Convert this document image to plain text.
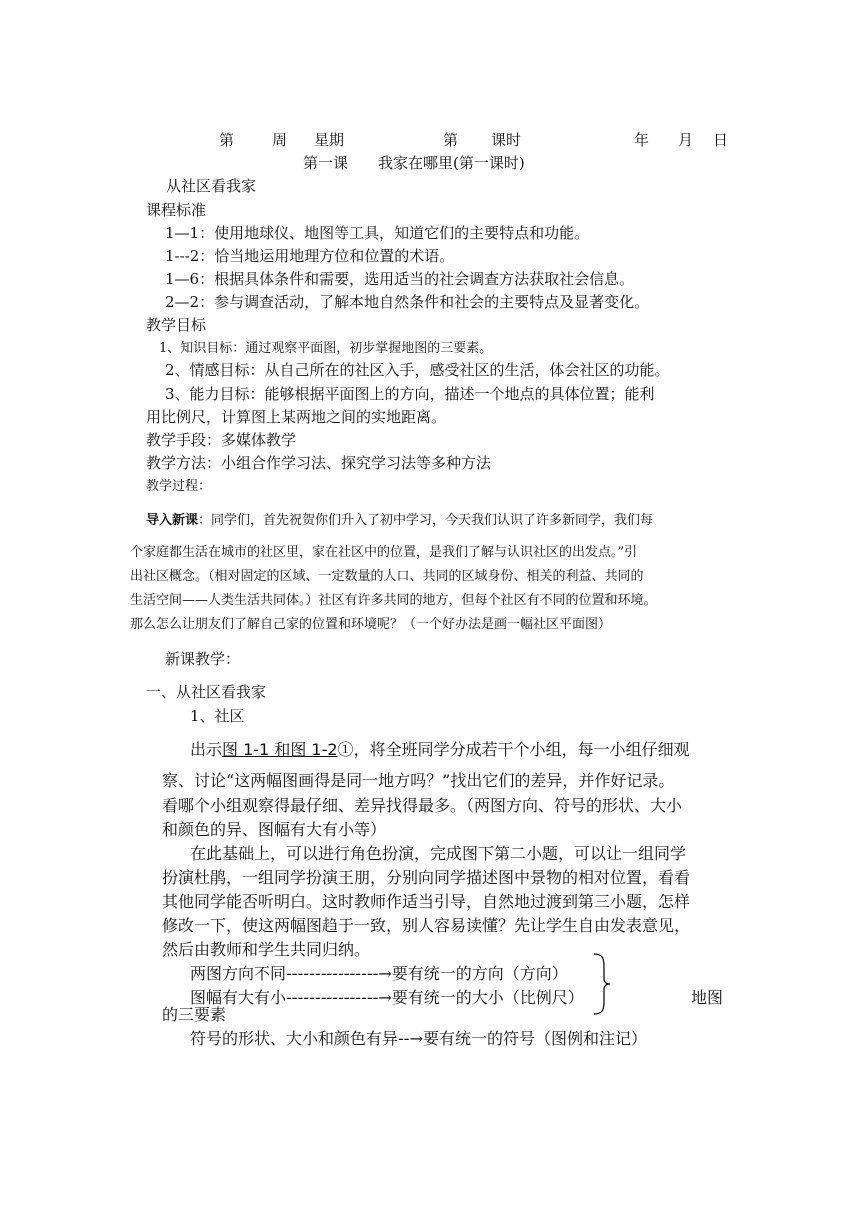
第	周 星期	第 课时	年 月 日
第一课　　我家在哪里(第一课时)
从社区看我家
课程标准
1—1：使用地球仪、地图等工具，知道它们的主要特点和功能。
1---2：恰当地运用地理方位和位置的术语。
1—6：根据具体条件和需要，选用适当的社会调查方法获取社会信息。
2—2：参与调查活动，了解本地自然条件和社会的主要特点及显著变化。
教学目标
1、知识目标：通过观察平面图，初步掌握地图的三要素。
2、情感目标：从自己所在的社区入手，感受社区的生活，体会社区的功能。
3、能力目标：能够根据平面图上的方向，描述一个地点的具体位置；能利
用比例尺，计算图上某两地之间的实地距离。
教学手段：多媒体教学
教学方法：小组合作学习法、探究学习法等多种方法
教学过程：
导入新课：同学们，首先祝贺你们升入了初中学习，今天我们认识了许多新同学，我们每
个家庭都生活在城市的社区里，家在社区中的位置，是我们了解与认识社区的出发点。”引
出社区概念。（相对固定的区域、一定数量的人口、共同的区域身份、相关的利益、共同的
生活空间——人类生活共同体。）社区有许多共同的地方，但每个社区有不同的位置和环境。
那么怎么让朋友们了解自己家的位置和环境呢？（一个好办法是画一幅社区平面图）
新课教学：
一、从社区看我家
1、社区
出示图 1-1 和图 1-2①，将全班同学分成若干个小组，每一小组仔细观
察、讨论“这两幅图画得是同一地方吗？”找出它们的差异，并作好记录。
看哪个小组观察得最仔细、差异找得最多。（两图方向、符号的形状、大小
和颜色的异、图幅有大有小等）
在此基础上，可以进行角色扮演，完成图下第二小题，可以让一组同学
扮演杜鹃，一组同学扮演王朋，分别向同学描述图中景物的相对位置，看看
其他同学能否听明白。这时教师作适当引导，自然地过渡到第三小题，怎样
修改一下，使这两幅图趋于一致，别人容易读懂？先让学生自由发表意见，
然后由教师和学生共同归纳。
两图方向不同----------------→要有统一的方向（方向）
图幅有大有小----------------→要有统一的大小（比例尺）	地图
的三要素
符号的形状、大小和颜色有异--→要有统一的符号（图例和注记）
